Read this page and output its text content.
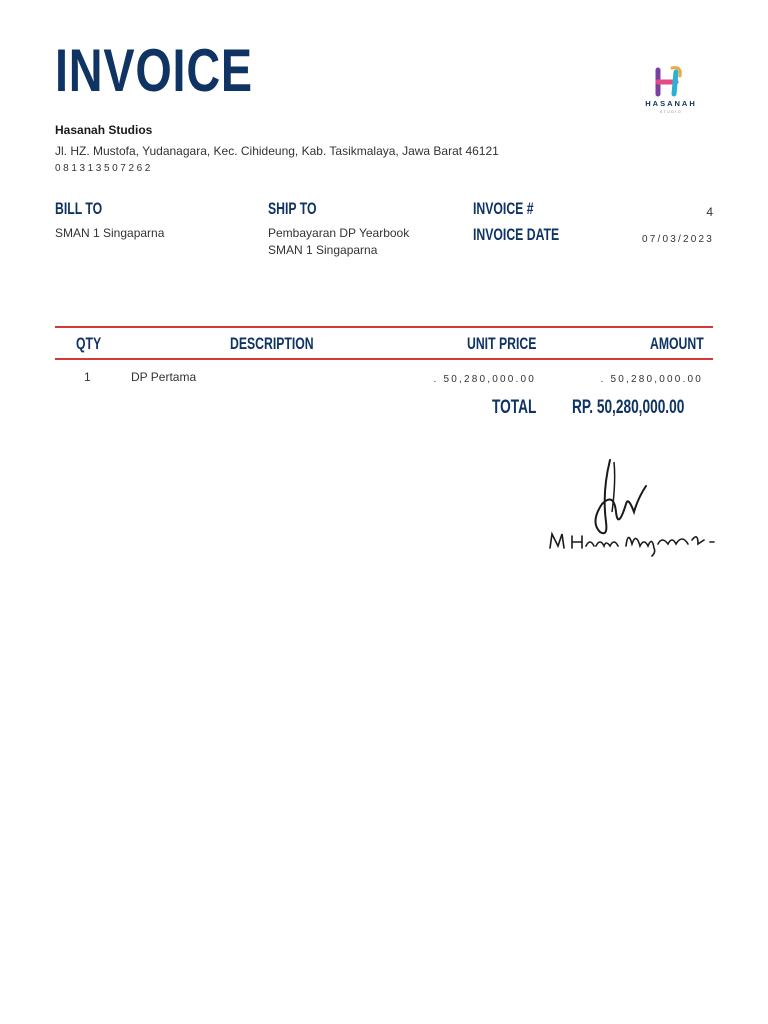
INVOICE	HASANAH
STUDIO
Hasanah Studios
Jl. HZ. Mustofa, Yudanagara, Kec. Cihideung, Kab. Tasikmalaya, Jawa Barat 46121
081313507262
BILL TO
SMAN 1 Singaparna
SHIP TO
Pembayaran DP Yearbook
SMAN 1 Singaparna
INVOICE #	4
INVOICE DATE	07/03/2023
QTY	DESCRIPTION	UNIT PRICE	AMOUNT
1	DP Pertama	. 50,280,000.00	. 50,280,000.00
TOTAL RP. 50,280,000.00
